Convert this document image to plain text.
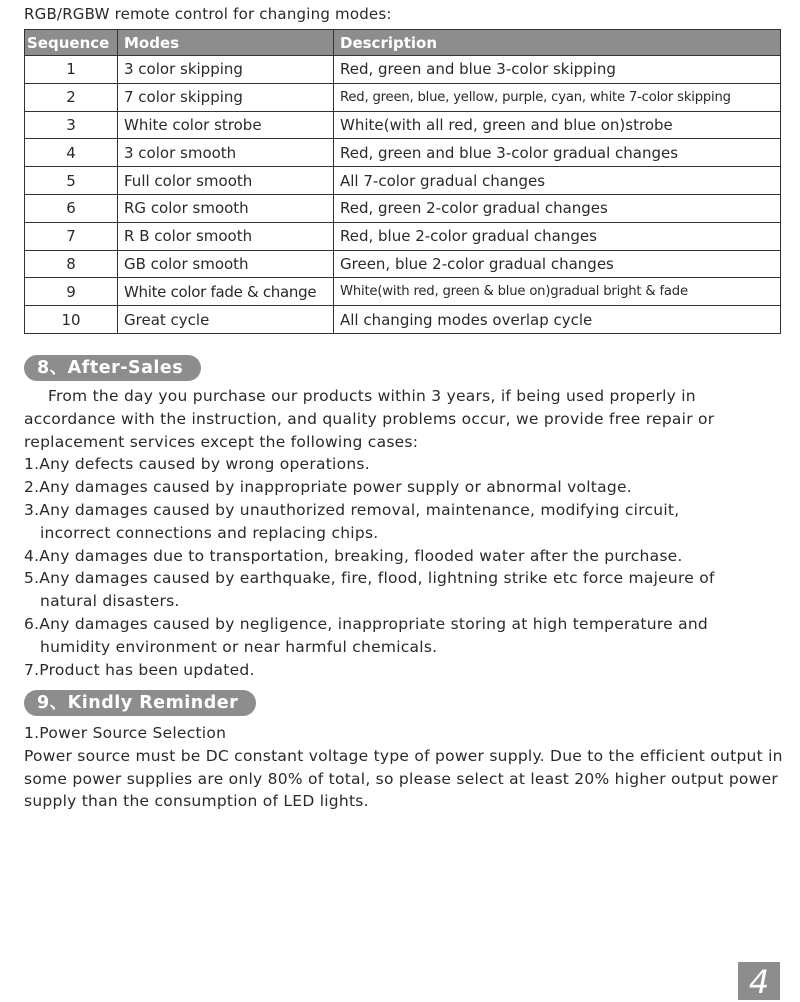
RGB/RGBW remote control for changing modes:
Sequence	Modes	Description
1	3 color skipping	Red, green and blue 3-color skipping
2	7 color skipping	Red, green, blue, yellow, purple, cyan, white 7-color skipping
3	White color strobe	White(with all red, green and blue on)strobe
4	3 color smooth	Red, green and blue 3-color gradual changes
5	Full color smooth	All 7-color gradual changes
6	RG color smooth	Red, green 2-color gradual changes
7	R B color smooth	Red, blue 2-color gradual changes
8	GB color smooth	Green, blue 2-color gradual changes
9	White color fade & change	White(with red, green & blue on)gradual bright & fade
10	Great cycle	All changing modes overlap cycle
8、After-Sales

From the day you purchase our products within 3 years, if being used properly in accordance with the instruction, and quality problems occur, we provide free repair or replacement services except the following cases:

1.Any defects caused by wrong operations.

2.Any damages caused by inappropriate power supply or abnormal voltage.

3.Any damages caused by unauthorized removal, maintenance, modifying circuit,

incorrect connections and replacing chips.

4.Any damages due to transportation, breaking, flooded water after the purchase.

5.Any damages caused by earthquake, fire, flood, lightning strike etc force majeure of

natural disasters.

6.Any damages caused by negligence, inappropriate storing at high temperature and

humidity environment or near harmful chemicals.

7.Product has been updated.

9、Kindly Reminder

1.Power Source Selection

Power source must be DC constant voltage type of power supply. Due to the efficient output in some power supplies are only 80% of total, so please select at least 20% higher output power supply than the consumption of LED lights.

4
